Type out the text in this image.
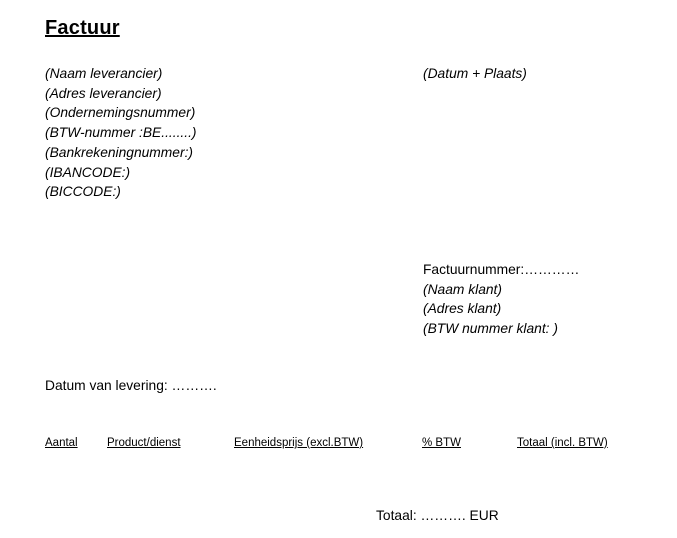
Factuur
(Naam leverancier)
(Adres leverancier)
(Ondernemingsnummer)
(BTW-nummer :BE........)
(Bankrekeningnummer:)
(IBANCODE:)
(BICCODE:)
(Datum + Plaats)
Factuurnummer:…………
(Naam klant)
(Adres klant)
(BTW nummer klant: )
Datum van levering: ……….
Aantal	Product/dienst	Eenheidsprijs (excl.BTW)	% BTW	Totaal (incl. BTW)
Totaal: ………. EUR
